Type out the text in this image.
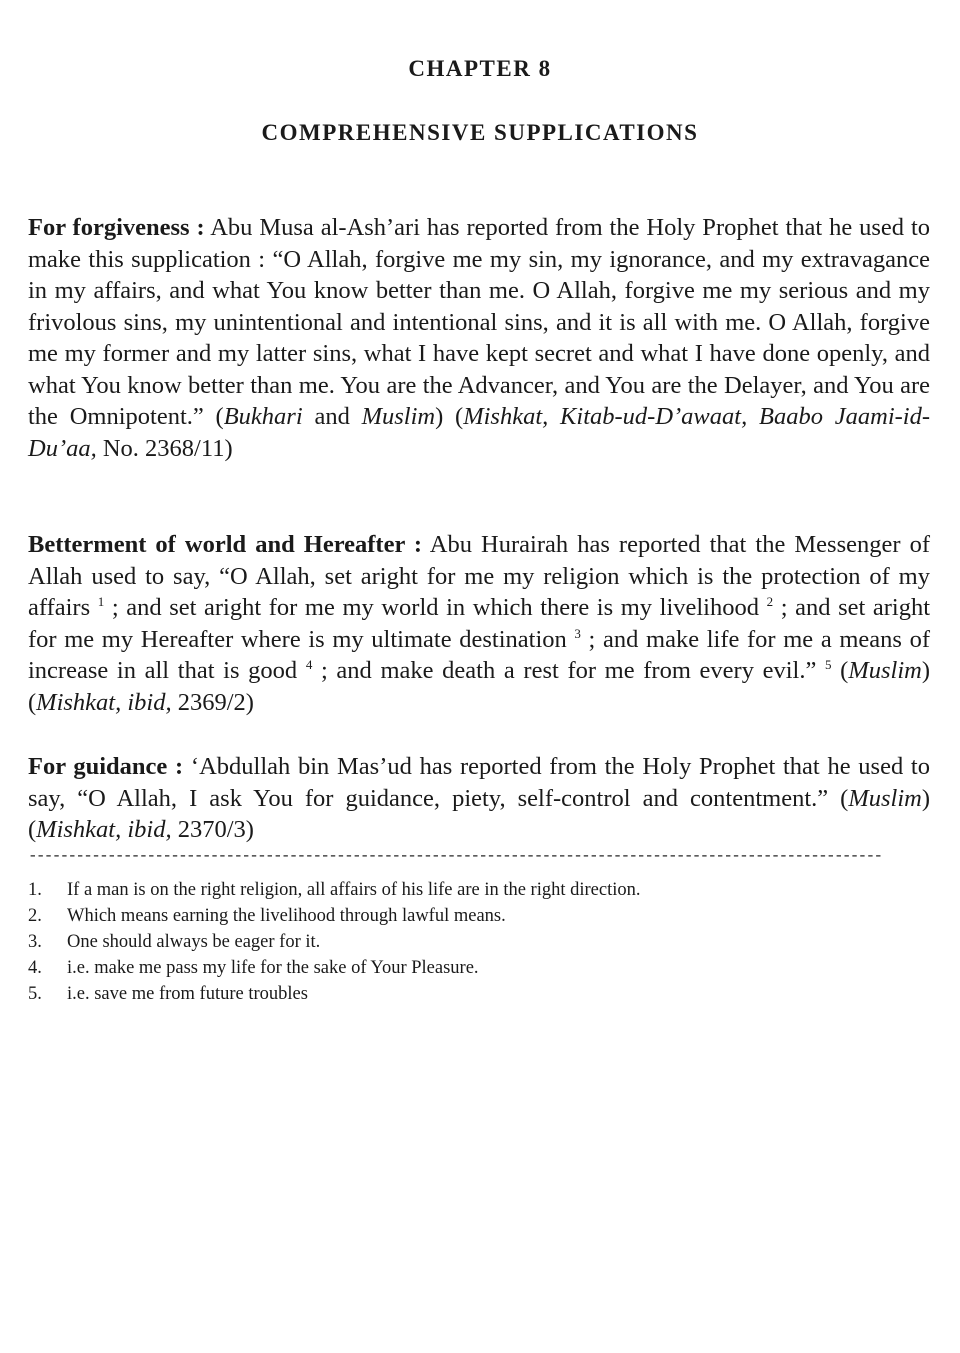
CHAPTER 8
COMPREHENSIVE SUPPLICATIONS
For forgiveness : Abu Musa al-Ash’ari has reported from the Holy Prophet that he used to make this supplication : “O Allah, forgive me my sin, my ignorance, and my extravagance in my affairs, and what You know better than me. O Allah, forgive me my serious and my frivolous sins, my unintentional and intentional sins, and it is all with me. O Allah, forgive me my former and my latter sins, what I have kept secret and what I have done openly, and what You know better than me. You are the Advancer, and You are the Delayer, and You are the Omnipotent.” (Bukhari and Muslim) (Mishkat, Kitab-ud-D’awaat, Baabo Jaami-id-Du’aa, No. 2368/11)
Betterment of world and Hereafter : Abu Hurairah has reported that the Messenger of Allah used to say, “O Allah, set aright for me my religion which is the protection of my affairs $^1$ ; and set aright for me my world in which there is my livelihood $^2$ ; and set aright for me my Hereafter where is my ultimate destination $^3$ ; and make life for me a means of increase in all that is good $^4$ ; and make death a rest for me from every evil.” $^5$ (Muslim) (Mishkat, ibid, 2369/2)
For guidance : ‘Abdullah bin Mas’ud has reported from the Holy Prophet that he used to say, “O Allah, I ask You for guidance, piety, self-control and contentment.” (Muslim) (Mishkat, ibid, 2370/3)
------------------------------------------------------------------------------------------------------------
1. If a man is on the right religion, all affairs of his life are in the right direction.
2. Which means earning the livelihood through lawful means.
3. One should always be eager for it.
4. i.e. make me pass my life for the sake of Your Pleasure.
5. i.e. save me from future troubles
